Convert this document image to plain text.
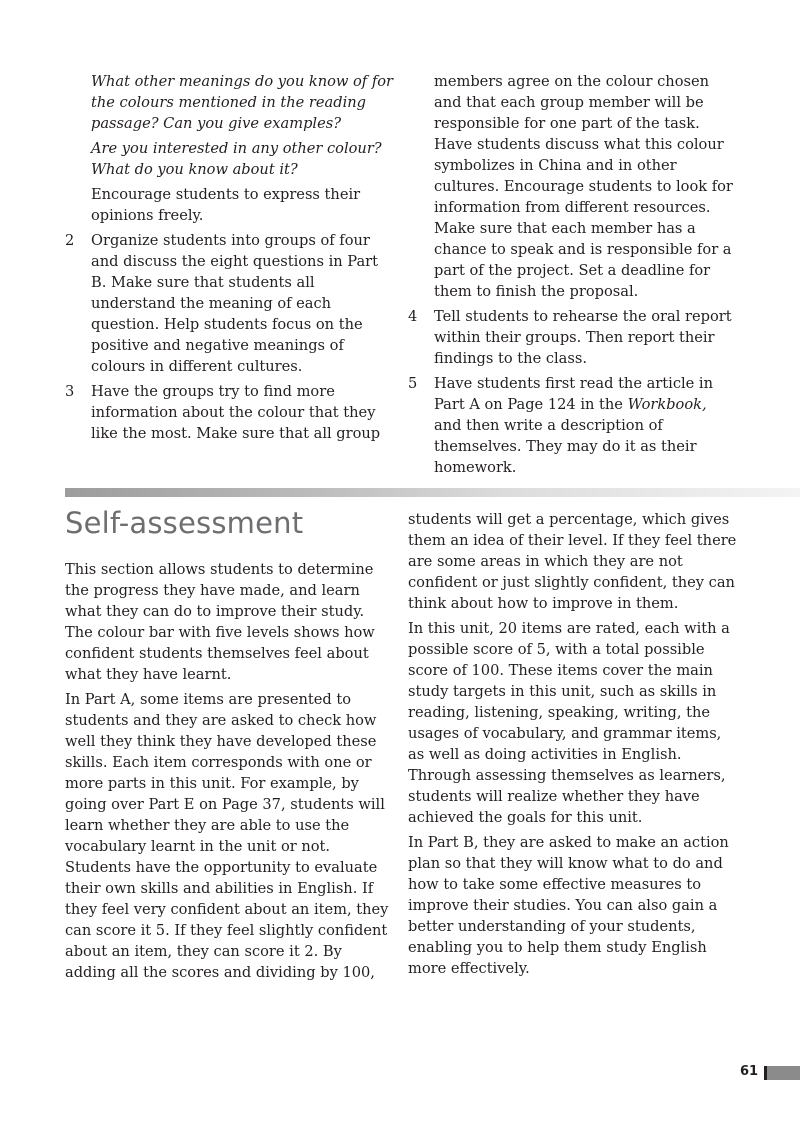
What other meanings do you know of for the colours mentioned in the reading passage? Can you give examples?

Are you interested in any other colour? What do you know about it?

Encourage students to express their opinions freely.

2	Organize students into groups of four and discuss the eight questions in Part B. Make sure that students all understand the meaning of each question. Help students focus on the positive and negative meanings of colours in different cultures.
3	Have the groups try to find more information about the colour that they like the most. Make sure that all group

members agree on the colour chosen and that each group member will be responsible for one part of the task. Have students discuss what this colour symbolizes in China and in other cultures. Encourage students to look for information from different resources. Make sure that each member has a chance to speak and is responsible for a part of the project. Set a deadline for them to finish the proposal.

4	Tell students to rehearse the oral report within their groups. Then report their findings to the class.
5	Have students first read the article in Part A on Page 124 in the Workbook, and then write a description of themselves. They may do it as their homework.
Self-assessment

This section allows students to determine the progress they have made, and learn what they can do to improve their study. The colour bar with five levels shows how confident students themselves feel about what they have learnt.

In Part A, some items are presented to students and they are asked to check how well they think they have developed these skills. Each item corresponds with one or more parts in this unit. For example, by going over Part E on Page 37, students will learn whether they are able to use the vocabulary learnt in the unit or not. Students have the opportunity to evaluate their own skills and abilities in English. If they feel very confident about an item, they can score it 5. If they feel slightly confident about an item, they can score it 2. By adding all the scores and dividing by 100,

students will get a percentage, which gives them an idea of their level. If they feel there are some areas in which they are not confident or just slightly confident, they can think about how to improve in them.

In this unit, 20 items are rated, each with a possible score of 5, with a total possible score of 100. These items cover the main study targets in this unit, such as skills in reading, listening, speaking, writing, the usages of vocabulary, and grammar items, as well as doing activities in English. Through assessing themselves as learners, students will realize whether they have achieved the goals for this unit.

In Part B, they are asked to make an action plan so that they will know what to do and how to take some effective measures to improve their studies. You can also gain a better understanding of your students, enabling you to help them study English more effectively.

61
